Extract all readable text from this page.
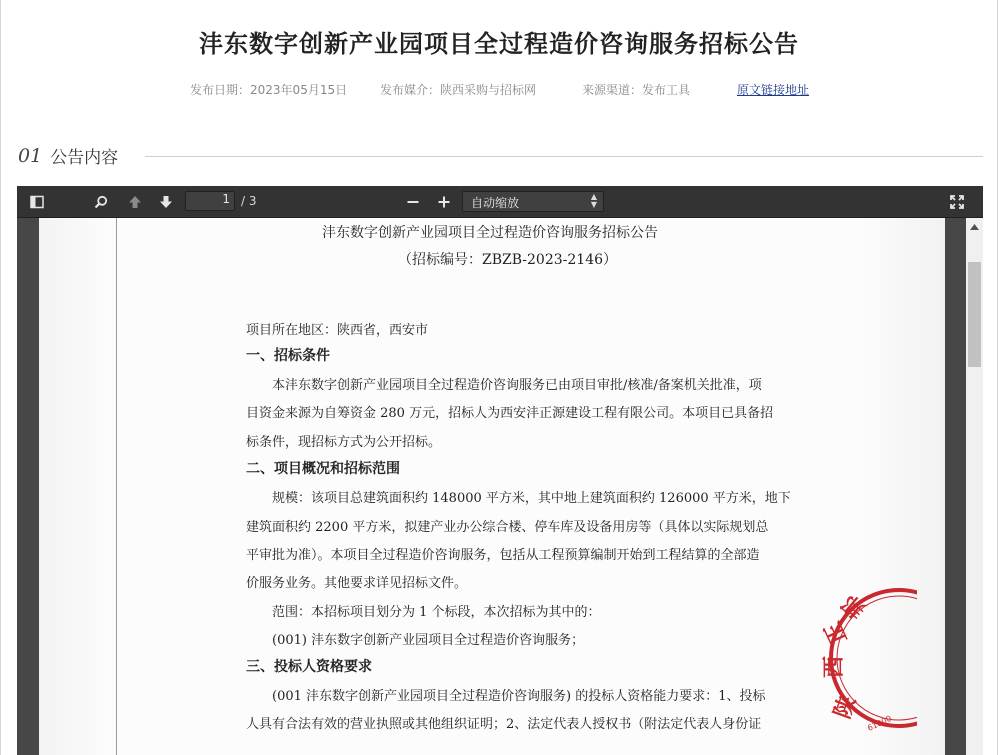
沣东数字创新产业园项目全过程造价咨询服务招标公告
发布日期：2023年05月15日	发布媒介：陕西采购与招标网	来源渠道：发布工具	原文链接地址
01 公告内容
1 / 3	自动缩放	▲
▼
沣东数字创新产业园项目全过程造价咨询服务招标公告
（招标编号：ZBZB-2023-2146）
项目所在地区：陕西省，西安市
一、招标条件
本沣东数字创新产业园项目全过程造价咨询服务已由项目审批/核准/备案机关批准，项
目资金来源为自筹资金 280 万元，招标人为西安沣正源建设工程有限公司。本项目已具备招
标条件，现招标方式为公开招标。
二、项目概况和招标范围
规模：该项目总建筑面积约 148000 平方米，其中地上建筑面积约 126000 平方米，地下
建筑面积约 2200 平方米，拟建产业办公综合楼、停车库及设备用房等（具体以实际规划总
平审批为准）。本项目全过程造价咨询服务，包括从工程预算编制开始到工程结算的全部造
价服务业务。其他要求详见招标文件。
范围：本招标项目划分为 1 个标段，本次招标为其中的：
(001) 沣东数字创新产业园项目全过程造价咨询服务；
三、投标人资格要求
(001 沣东数字创新产业园项目全过程造价咨询服务) 的投标人资格能力要求：1、投标
人具有合法有效的营业执照或其他组织证明；2、法定代表人授权书（附法定代表人身份证
陕
西
正
邦
61000
